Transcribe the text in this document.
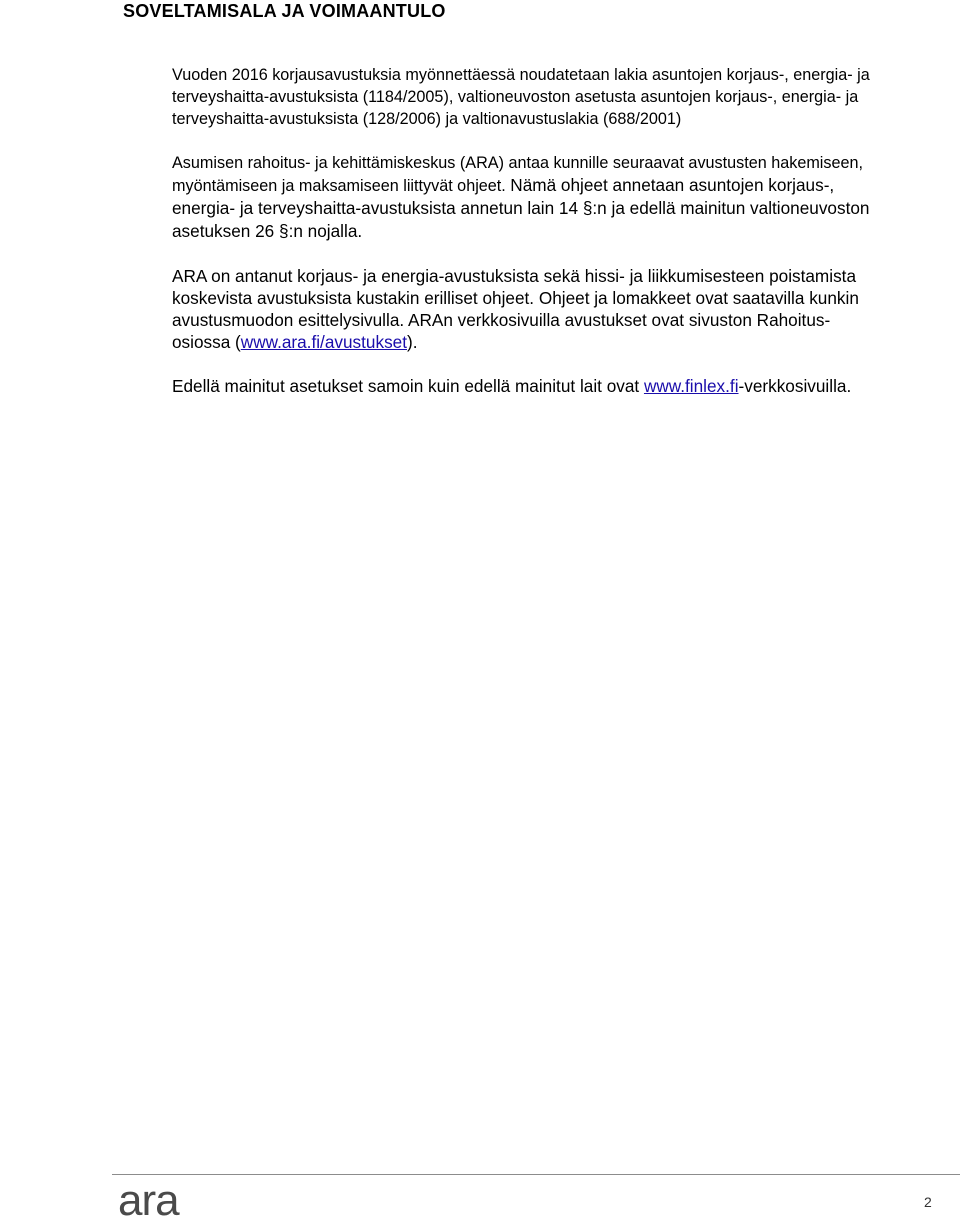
SOVELTAMISALA JA VOIMAANTULO

Vuoden 2016 korjausavustuksia myönnettäessä noudatetaan lakia asuntojen korjaus-, energia- ja terveyshaitta-avustuksista (1184/2005), valtioneuvoston asetusta asuntojen korjaus-, energia- ja terveyshaitta-avustuksista (128/2006) ja valtionavustuslakia (688/2001)

Asumisen rahoitus- ja kehittämiskeskus (ARA) antaa kunnille seuraavat avustusten hakemiseen, myöntämiseen ja maksamiseen liittyvät ohjeet. Nämä ohjeet annetaan asuntojen korjaus-, energia- ja terveyshaitta-avustuksista annetun lain 14 §:n ja edellä mainitun valtioneuvoston asetuksen 26 §:n nojalla.

ARA on antanut korjaus- ja energia-avustuksista sekä hissi- ja liikkumisesteen poistamista koskevista avustuksista kustakin erilliset ohjeet. Ohjeet ja lomakkeet ovat saatavilla kunkin avustusmuodon esittelysivulla. ARAn verkkosivuilla avustukset ovat sivuston Rahoitus-osiossa (www.ara.fi/avustukset).

Edellä mainitut asetukset samoin kuin edellä mainitut lait ovat www.finlex.fi-verkkosivuilla.

ara	2
